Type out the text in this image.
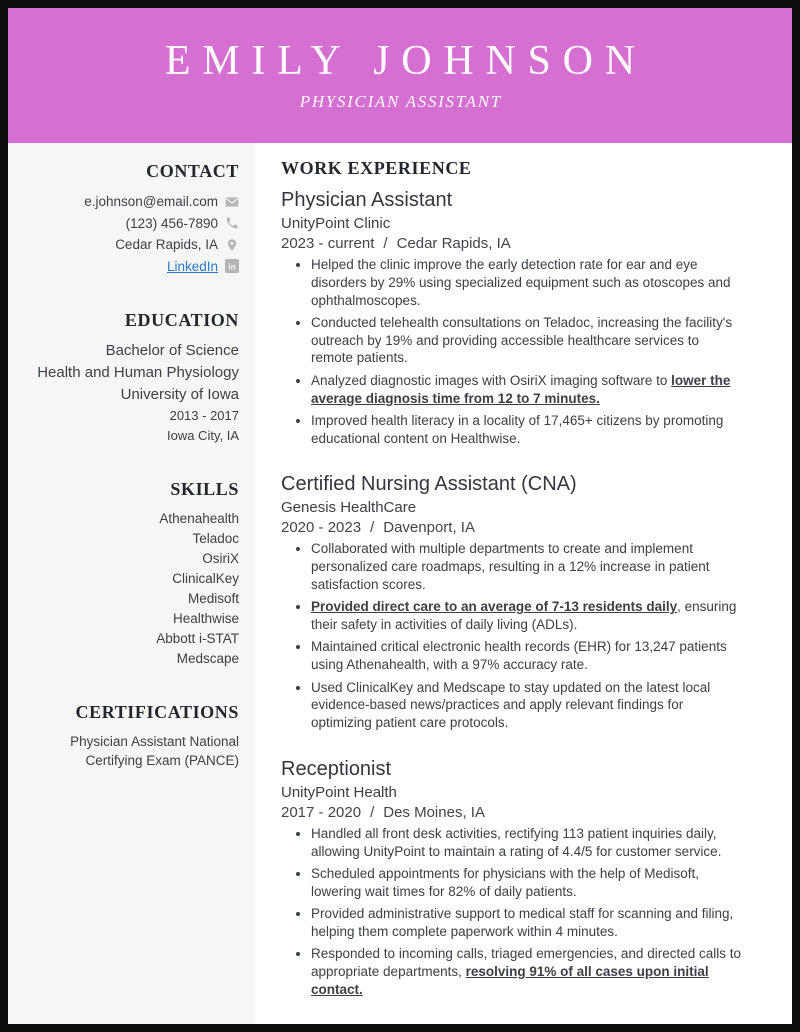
EMILY JOHNSON
PHYSICIAN ASSISTANT
CONTACT
e.johnson@email.com
(123) 456-7890
Cedar Rapids, IA
LinkedIn in
EDUCATION
Bachelor of Science
Health and Human Physiology
University of Iowa
2013 - 2017
Iowa City, IA
SKILLS
Athenahealth
Teladoc
OsiriX
ClinicalKey
Medisoft
Healthwise
Abbott i-STAT
Medscape
CERTIFICATIONS
Physician Assistant National Certifying Exam (PANCE)
WORK EXPERIENCE
Physician Assistant
UnityPoint Clinic
2023 - current / Cedar Rapids, IA
• Helped the clinic improve the early detection rate for ear and eye disorders by 29% using specialized equipment such as otoscopes and ophthalmoscopes.
• Conducted telehealth consultations on Teladoc, increasing the facility's outreach by 19% and providing accessible healthcare services to remote patients.
• Analyzed diagnostic images with OsiriX imaging software to lower the average diagnosis time from 12 to 7 minutes.
• Improved health literacy in a locality of 17,465+ citizens by promoting educational content on Healthwise.
Certified Nursing Assistant (CNA)
Genesis HealthCare
2020 - 2023 / Davenport, IA
• Collaborated with multiple departments to create and implement personalized care roadmaps, resulting in a 12% increase in patient satisfaction scores.
• Provided direct care to an average of 7-13 residents daily, ensuring their safety in activities of daily living (ADLs).
• Maintained critical electronic health records (EHR) for 13,247 patients using Athenahealth, with a 97% accuracy rate.
• Used ClinicalKey and Medscape to stay updated on the latest local evidence-based news/practices and apply relevant findings for optimizing patient care protocols.
Receptionist
UnityPoint Health
2017 - 2020 / Des Moines, IA
• Handled all front desk activities, rectifying 113 patient inquiries daily, allowing UnityPoint to maintain a rating of 4.4/5 for customer service.
• Scheduled appointments for physicians with the help of Medisoft, lowering wait times for 82% of daily patients.
• Provided administrative support to medical staff for scanning and filing, helping them complete paperwork within 4 minutes.
• Responded to incoming calls, triaged emergencies, and directed calls to appropriate departments, resolving 91% of all cases upon initial contact.
